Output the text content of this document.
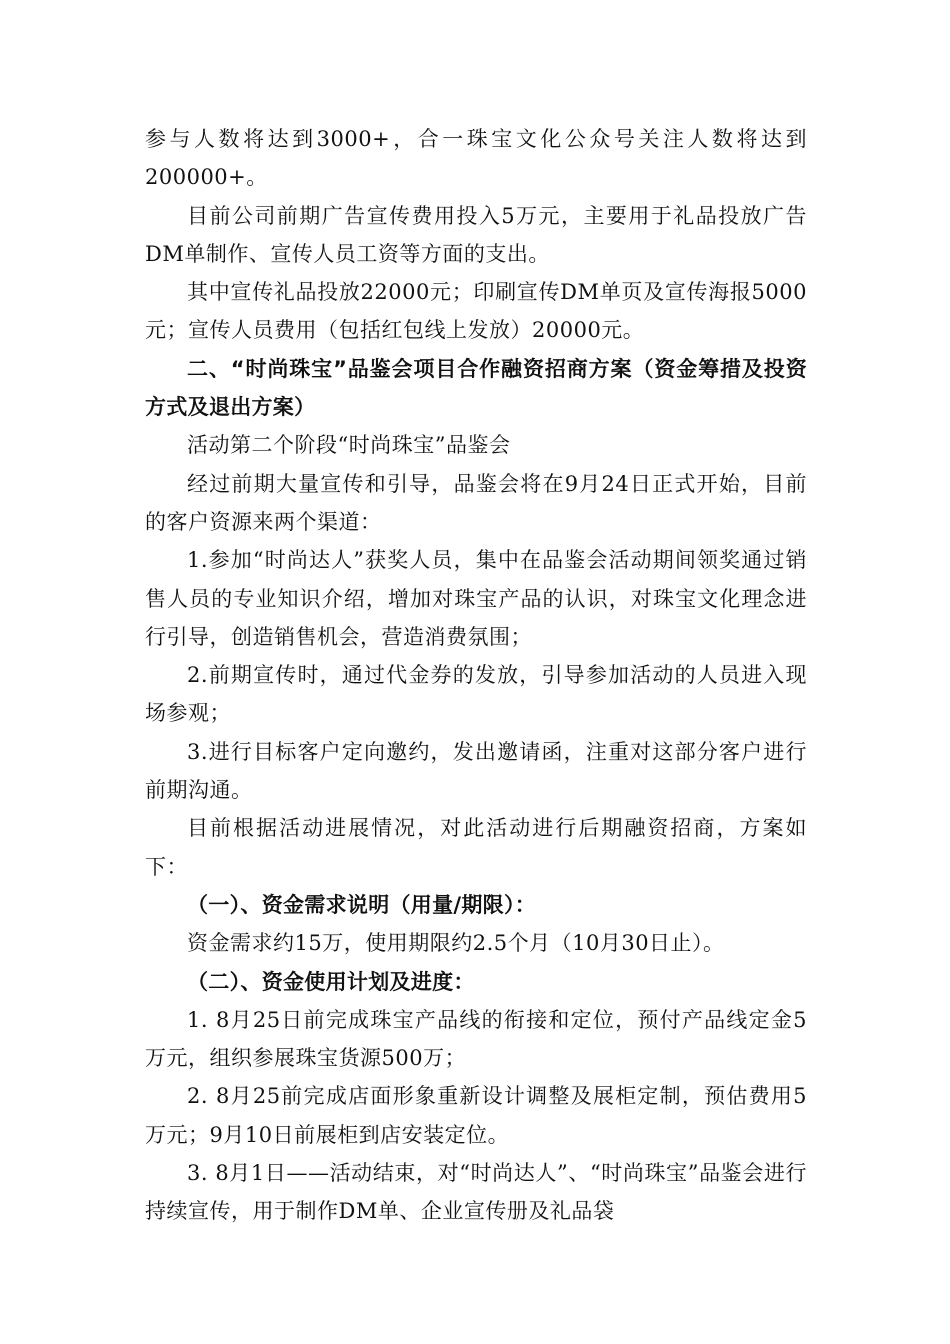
参与人数将达到3000+，合一珠宝文化公众号关注人数将达到200000+。

目前公司前期广告宣传费用投入5万元，主要用于礼品投放广告DM单制作、宣传人员工资等方面的支出。

其中宣传礼品投放22000元；印刷宣传DM单页及宣传海报5000元；宣传人员费用（包括红包线上发放）20000元。

二、“时尚珠宝”品鉴会项目合作融资招商方案（资金筹措及投资方式及退出方案）

活动第二个阶段“时尚珠宝”品鉴会

经过前期大量宣传和引导，品鉴会将在9月24日正式开始，目前的客户资源来两个渠道：

1.参加“时尚达人”获奖人员，集中在品鉴会活动期间领奖通过销售人员的专业知识介绍，增加对珠宝产品的认识，对珠宝文化理念进行引导，创造销售机会，营造消费氛围；

2.前期宣传时，通过代金券的发放，引导参加活动的人员进入现场参观；

3.进行目标客户定向邀约，发出邀请函，注重对这部分客户进行前期沟通。

目前根据活动进展情况，对此活动进行后期融资招商，方案如下：

（一）、资金需求说明（用量/期限）：

资金需求约15万，使用期限约2.5个月（10月30日止）。

（二）、资金使用计划及进度：

1. 8月25日前完成珠宝产品线的衔接和定位，预付产品线定金5万元，组织参展珠宝货源500万；

2. 8月25前完成店面形象重新设计调整及展柜定制，预估费用5万元；9月10日前展柜到店安装定位。

3. 8月1日——活动结束，对“时尚达人”、“时尚珠宝”品鉴会进行持续宣传，用于制作DM单、企业宣传册及礼品袋
